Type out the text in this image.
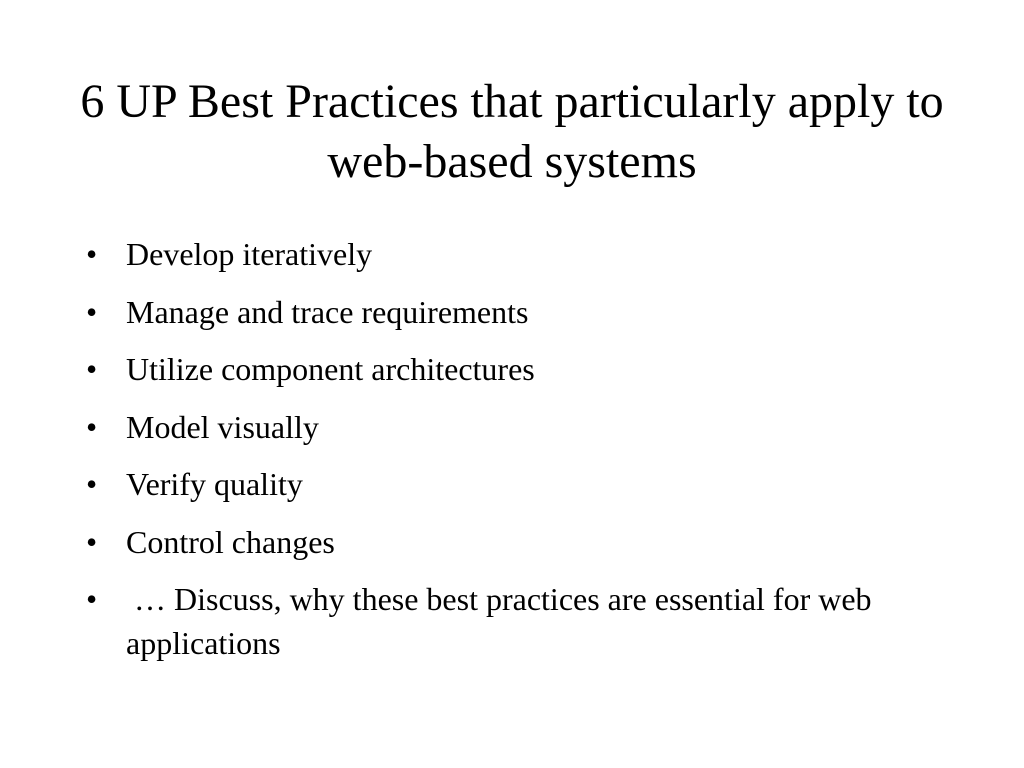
6 UP Best Practices that particularly apply to web-based systems
• Develop iteratively
• Manage and trace requirements
• Utilize component architectures
• Model visually
• Verify quality
• Control changes
• … Discuss, why these best practices are essential for web applications
